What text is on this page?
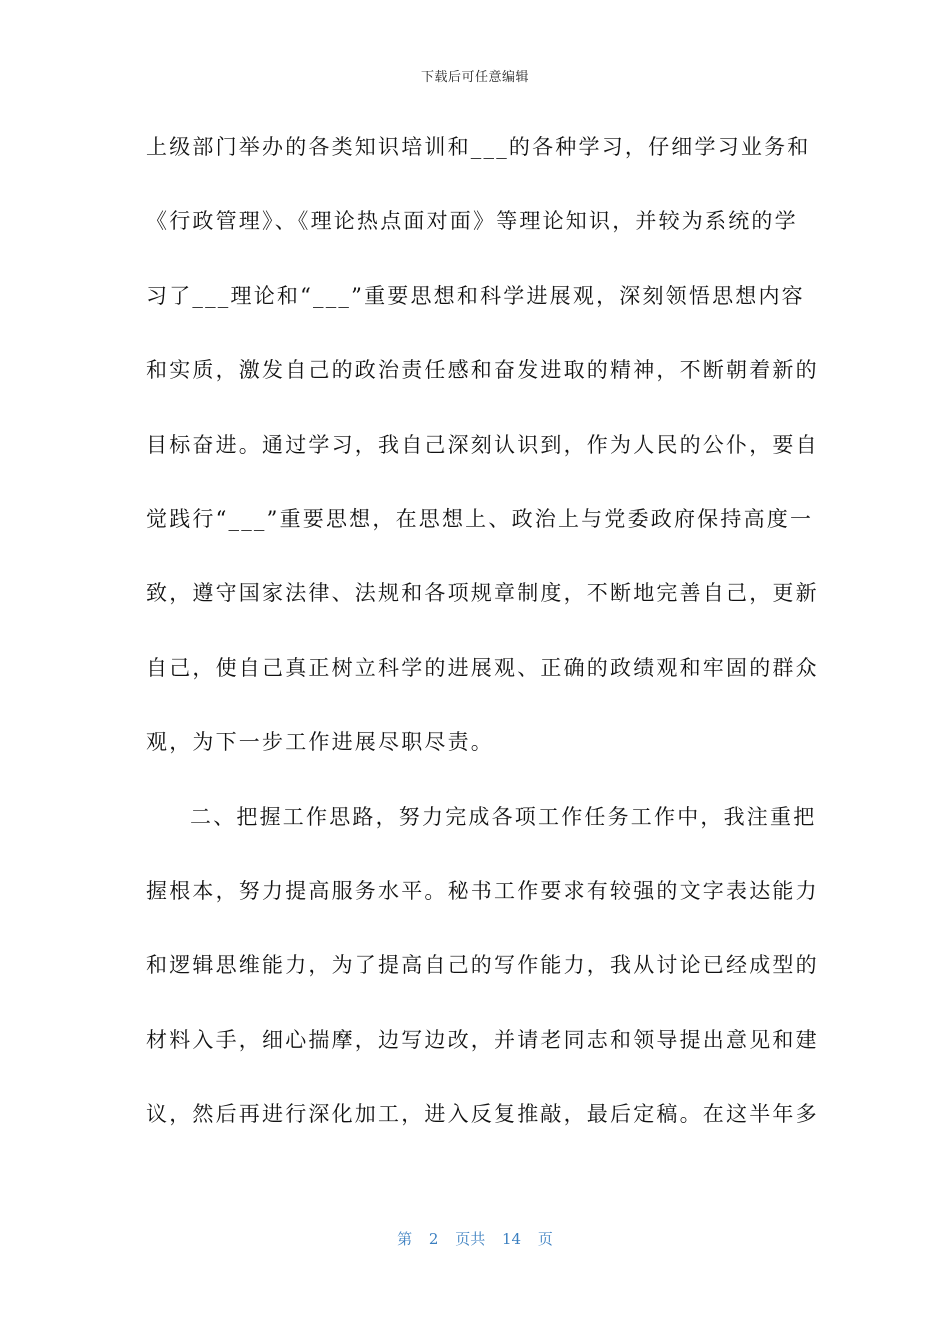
下载后可任意编辑
上级部门举办的各类知识培训和___的各种学习，仔细学习业务和
《行政管理》、《理论热点面对面》等理论知识，并较为系统的学
习了___理论和“___”重要思想和科学进展观，深刻领悟思想内容
和实质，激发自己的政治责任感和奋发进取的精神，不断朝着新的
目标奋进。通过学习，我自己深刻认识到，作为人民的公仆，要自
觉践行“___”重要思想，在思想上、政治上与党委政府保持高度一
致，遵守国家法律、法规和各项规章制度，不断地完善自己，更新
自己，使自己真正树立科学的进展观、正确的政绩观和牢固的群众
观，为下一步工作进展尽职尽责。
二、把握工作思路，努力完成各项工作任务工作中，我注重把
握根本，努力提高服务水平。秘书工作要求有较强的文字表达能力
和逻辑思维能力，为了提高自己的写作能力，我从讨论已经成型的
材料入手，细心揣摩，边写边改，并请老同志和领导提出意见和建
议，然后再进行深化加工，进入反复推敲，最后定稿。在这半年多
第 2 页共 14 页
